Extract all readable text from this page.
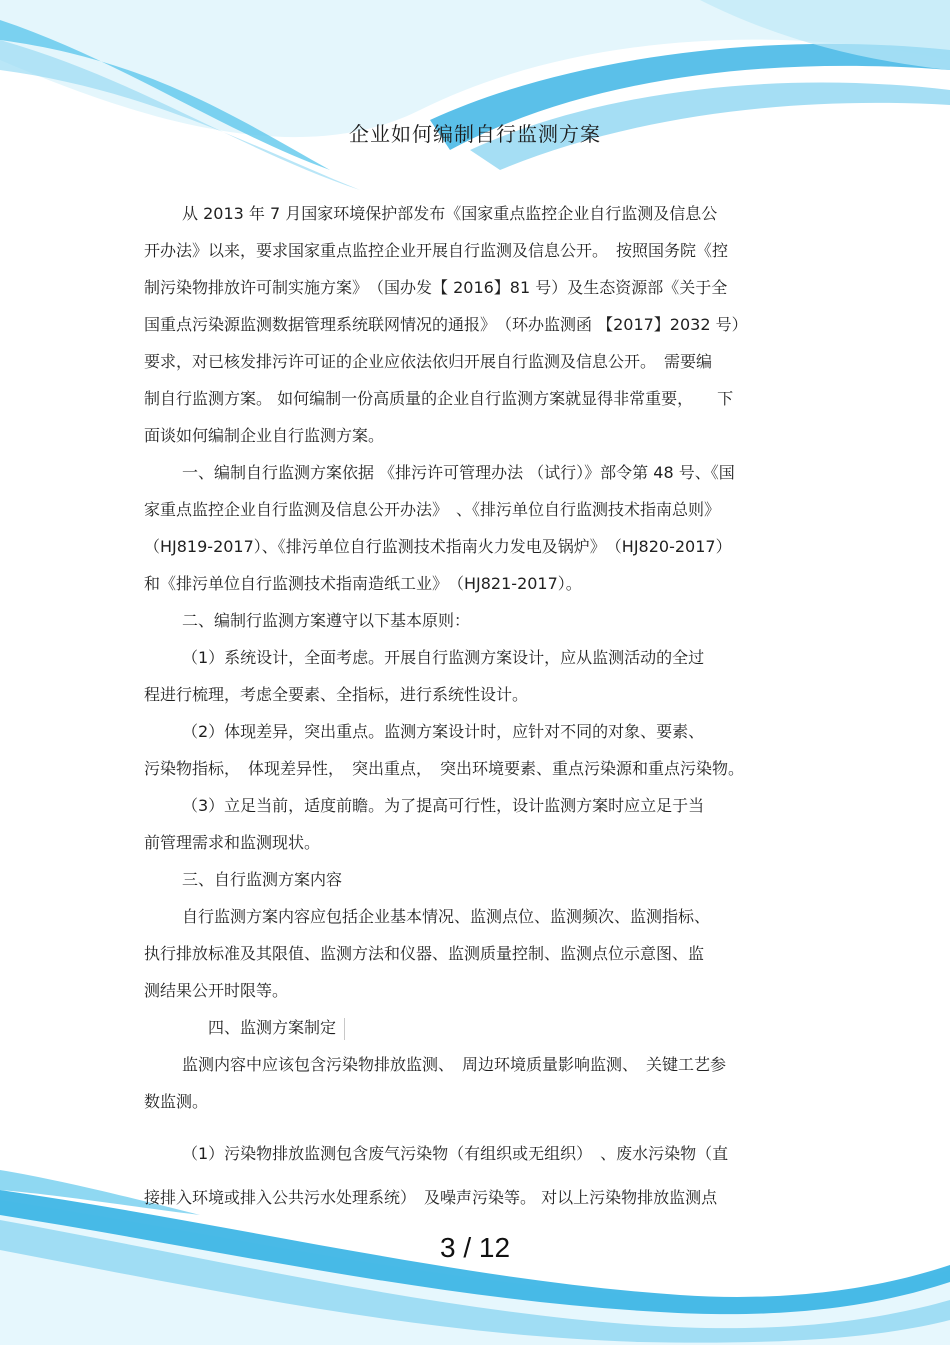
企业如何编制自行监测方案
从 2013 年 7 月国家环境保护部发布《国家重点监控企业自行监测及信息公
开办法》以来，要求国家重点监控企业开展自行监测及信息公开。　按照国务院《控
制污染物排放许可制实施方案》　（国办发【 2016】81 号）及生态资源部《关于全
国重点污染源监测数据管理系统联网情况的通报》　（环办监测函 【2017】2032 号）
要求，对已核发排污许可证的企业应依法依归开展自行监测及信息公开。　需要编
制自行监测方案。 如何编制一份高质量的企业自行监测方案就显得非常重要，　　下
面谈如何编制企业自行监测方案。
一、编制自行监测方案依据 《排污许可管理办法 （试行）》部令第 48 号、《国
家重点监控企业自行监测及信息公开办法》　、《排污单位自行监测技术指南总则》
（HJ819-2017）、《排污单位自行监测技术指南火力发电及锅炉》　（HJ820-2017）
和《排污单位自行监测技术指南造纸工业》　（HJ821-2017）。
二、编制行监测方案遵守以下基本原则：
（1）系统设计，全面考虑。开展自行监测方案设计，应从监测活动的全过
程进行梳理，考虑全要素、全指标，进行系统性设计。
（2）体现差异，突出重点。监测方案设计时，应针对不同的对象、要素、
污染物指标，　体现差异性，　突出重点，　突出环境要素、重点污染源和重点污染物。
（3）立足当前，适度前瞻。为了提高可行性，设计监测方案时应立足于当
前管理需求和监测现状。
三、自行监测方案内容
自行监测方案内容应包括企业基本情况、监测点位、监测频次、监测指标、
执行排放标准及其限值、监测方法和仪器、监测质量控制、监测点位示意图、监
测结果公开时限等。
四、监测方案制定
监测内容中应该包含污染物排放监测、　周边环境质量影响监测、　关键工艺参
数监测。
（1）污染物排放监测包含废气污染物（有组织或无组织）　、废水污染物（直
接排入环境或排入公共污水处理系统）　及噪声污染等。 对以上污染物排放监测点
3 / 12
